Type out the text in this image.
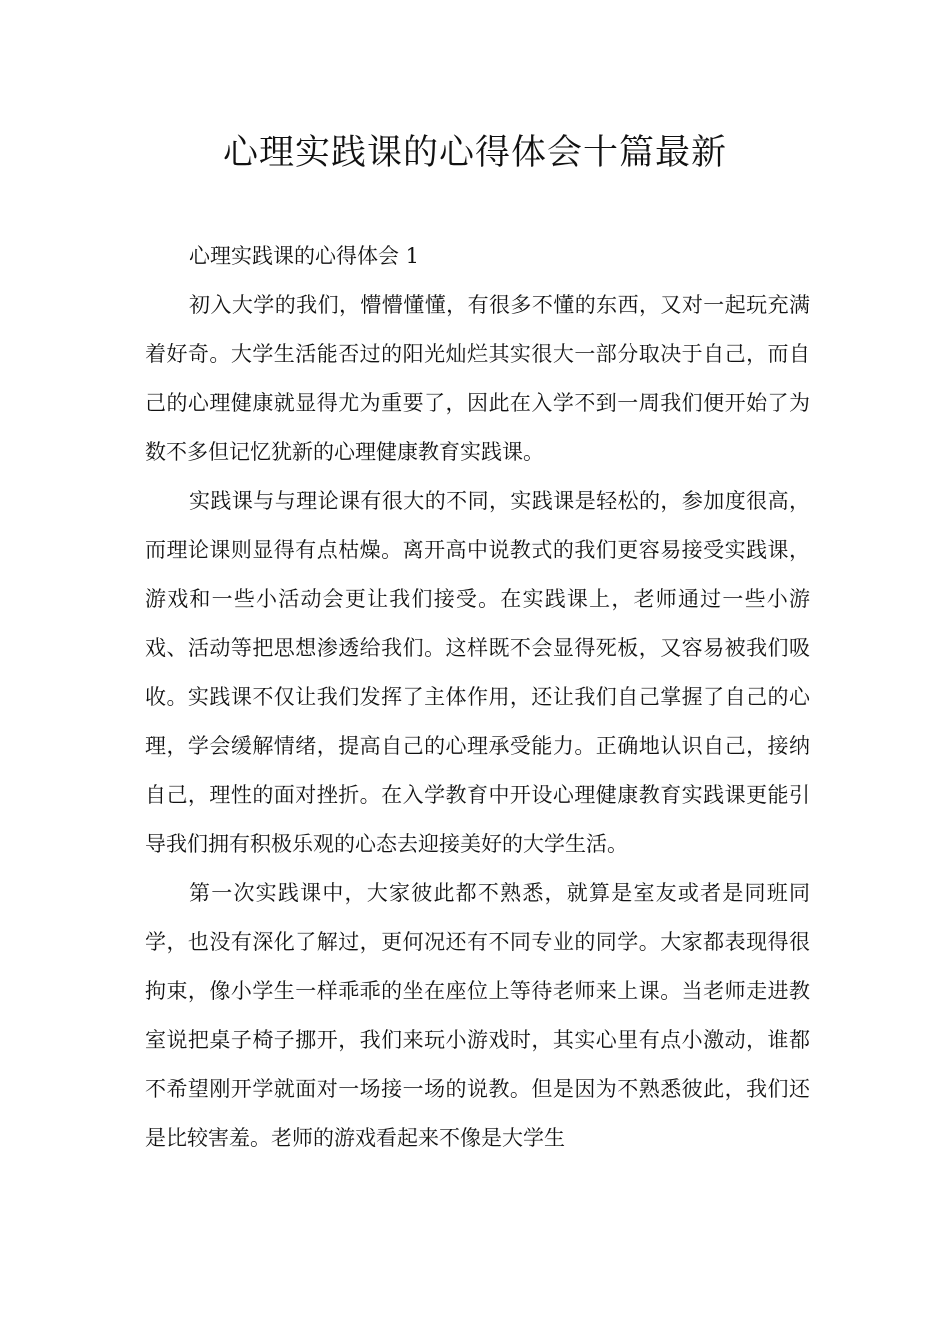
心理实践课的心得体会十篇最新

心理实践课的心得体会 1

初入大学的我们，懵懵懂懂，有很多不懂的东西，又对一起玩充满着好奇。大学生活能否过的阳光灿烂其实很大一部分取决于自己，而自己的心理健康就显得尤为重要了，因此在入学不到一周我们便开始了为数不多但记忆犹新的心理健康教育实践课。

实践课与与理论课有很大的不同，实践课是轻松的，参加度很高，而理论课则显得有点枯燥。离开高中说教式的我们更容易接受实践课，游戏和一些小活动会更让我们接受。在实践课上，老师通过一些小游戏、活动等把思想渗透给我们。这样既不会显得死板，又容易被我们吸收。实践课不仅让我们发挥了主体作用，还让我们自己掌握了自己的心理，学会缓解情绪，提高自己的心理承受能力。正确地认识自己，接纳自己，理性的面对挫折。在入学教育中开设心理健康教育实践课更能引导我们拥有积极乐观的心态去迎接美好的大学生活。

第一次实践课中，大家彼此都不熟悉，就算是室友或者是同班同学，也没有深化了解过，更何况还有不同专业的同学。大家都表现得很拘束，像小学生一样乖乖的坐在座位上等待老师来上课。当老师走进教室说把桌子椅子挪开，我们来玩小游戏时，其实心里有点小激动，谁都不希望刚开学就面对一场接一场的说教。但是因为不熟悉彼此，我们还是比较害羞。老师的游戏看起来不像是大学生
